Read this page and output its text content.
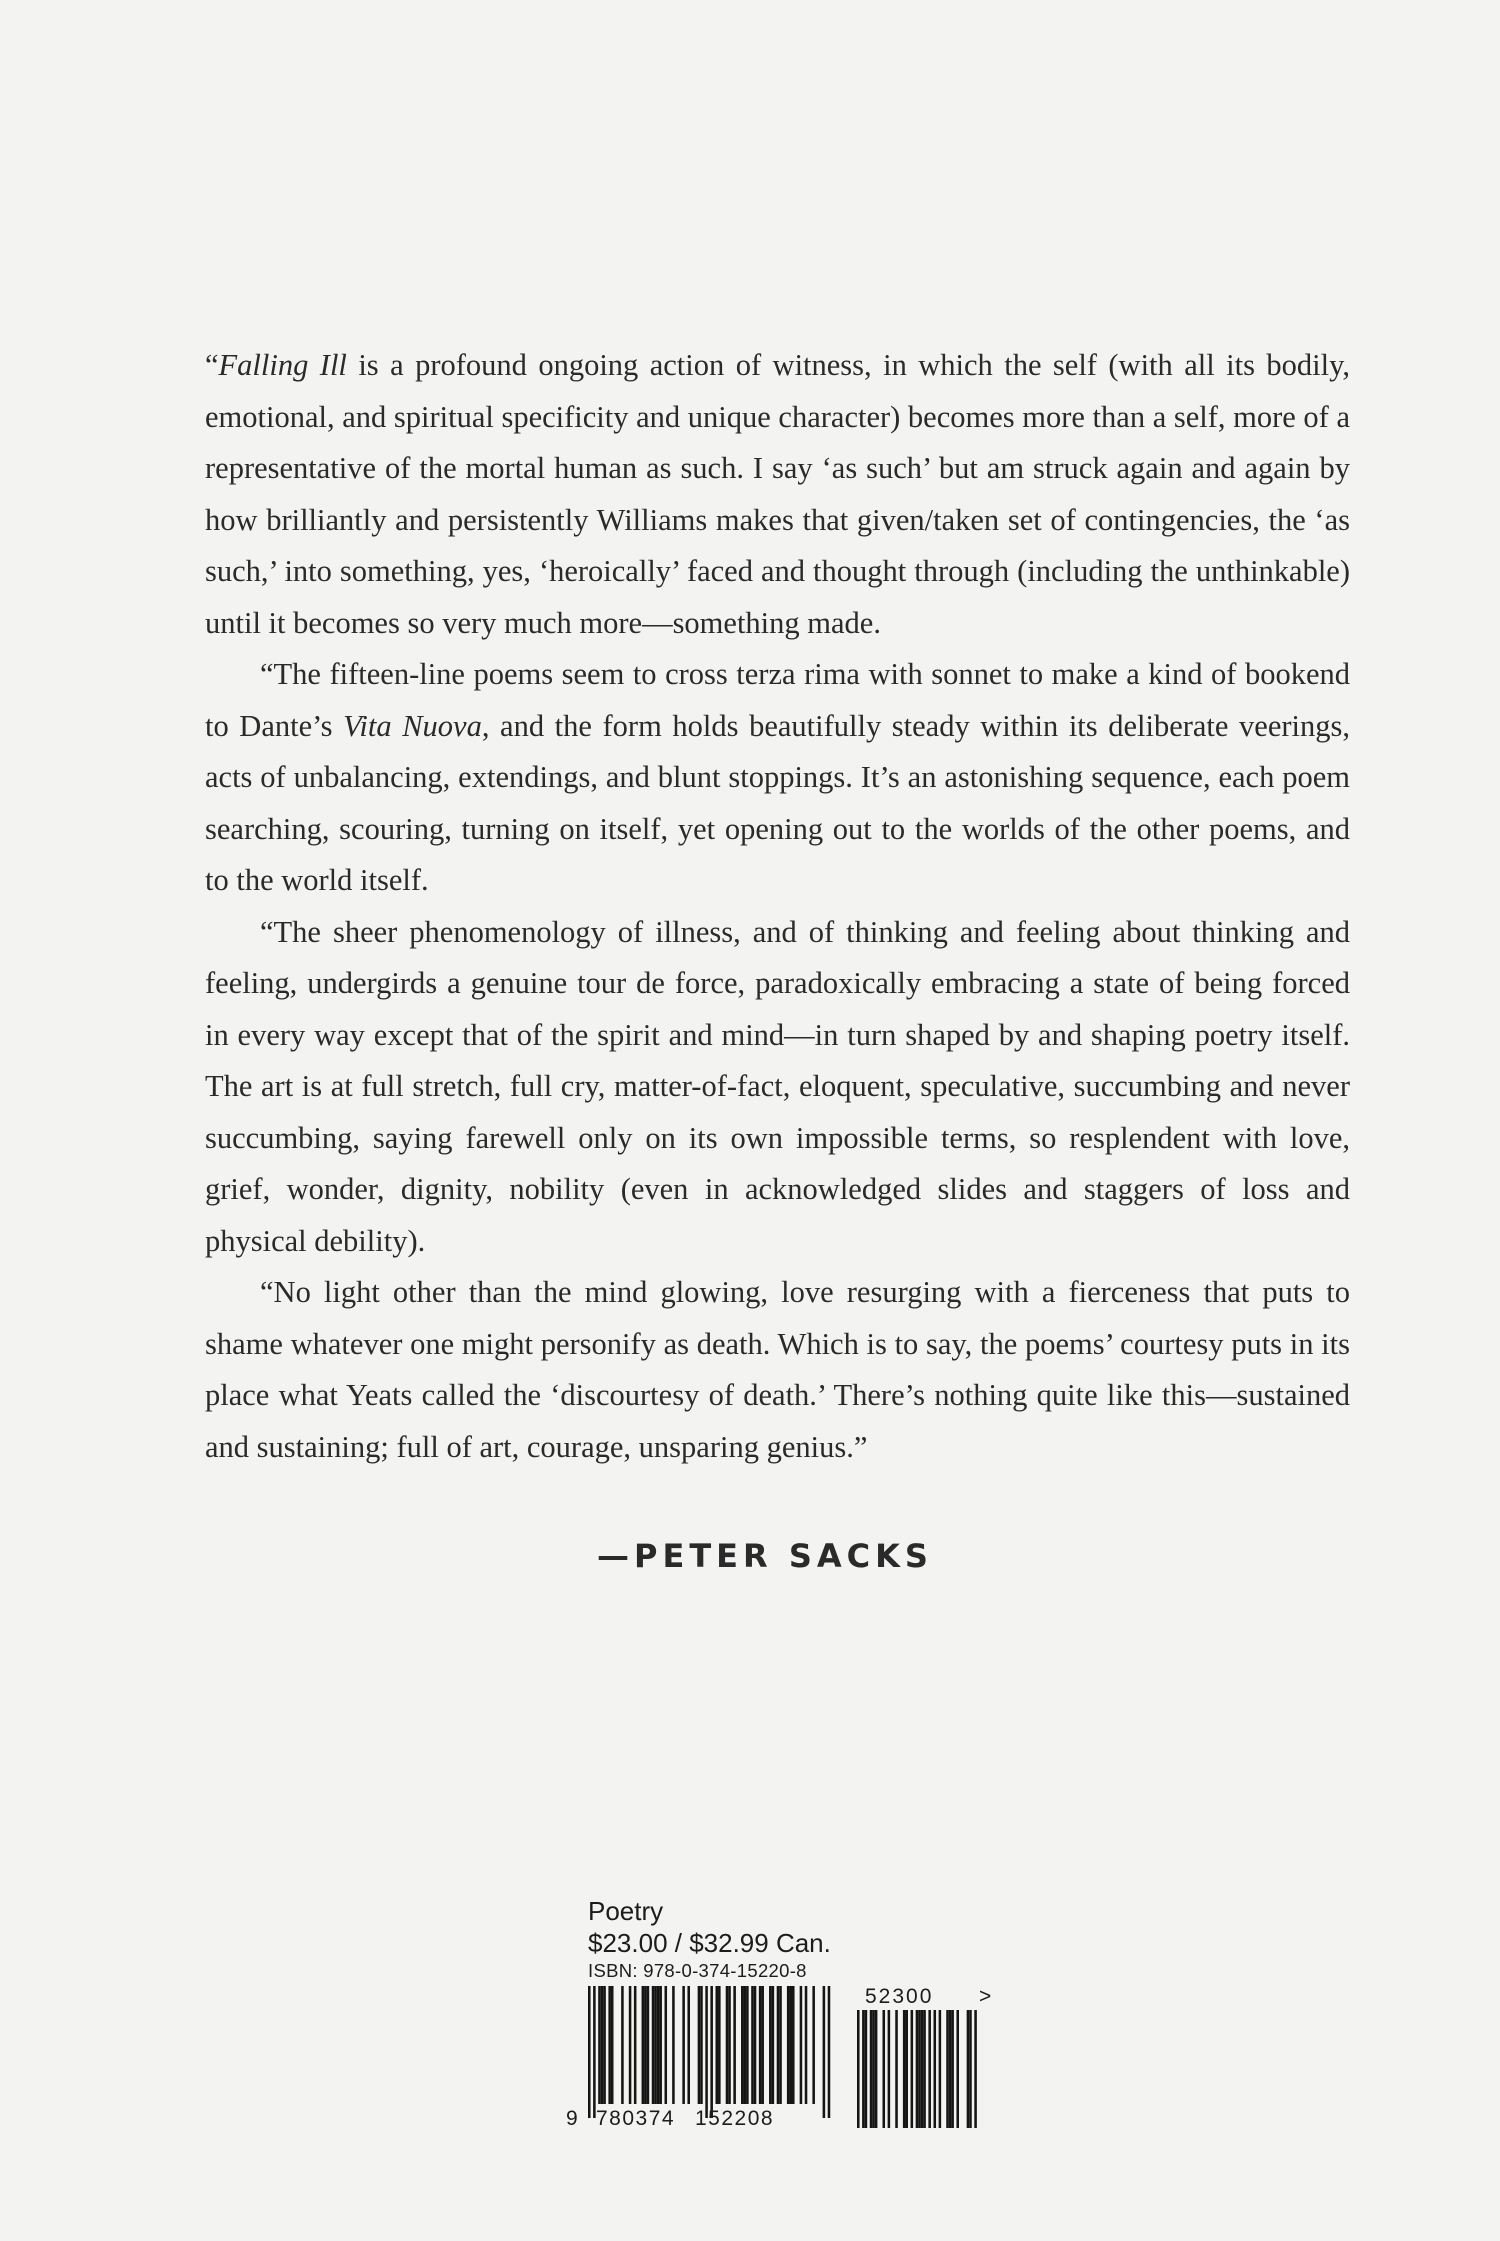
“Falling Ill is a profound ongoing action of witness, in which the self (with all its bodily, emotional, and spiritual specificity and unique character) becomes more than a self, more of a representative of the mortal human as such. I say ‘as such’ but am struck again and again by how brilliantly and persistently Williams makes that given/taken set of contingencies, the ‘as such,’ into something, yes, ‘heroically’ faced and thought through (including the unthinkable) until it becomes so very much more—something made.

“The fifteen-line poems seem to cross terza rima with sonnet to make a kind of bookend to Dante’s Vita Nuova, and the form holds beautifully steady within its deliberate veerings, acts of unbalancing, extendings, and blunt stoppings. It’s an astonishing sequence, each poem searching, scouring, turning on itself, yet opening out to the worlds of the other poems, and to the world itself.

“The sheer phenomenology of illness, and of thinking and feeling about thinking and feeling, undergirds a genuine tour de force, paradoxically embracing a state of being forced in every way except that of the spirit and mind—in turn shaped by and shaping poetry itself. The art is at full stretch, full cry, matter-of-fact, eloquent, speculative, succumbing and never succumbing, saying farewell only on its own impossible terms, so resplendent with love, grief, wonder, dignity, nobility (even in acknowledged slides and staggers of loss and physical debility).

“No light other than the mind glowing, love resurging with a fierceness that puts to shame whatever one might personify as death. Which is to say, the poems’ courtesy puts in its place what Yeats called the ‘discourtesy of death.’ There’s nothing quite like this—sustained and sustaining; full of art, courage, unsparing genius.”

—PETER SACKS
Poetry
$23.00 / $32.99 Can.
ISBN: 978-0-374-15220-8
9 780374 152208
52300 >
